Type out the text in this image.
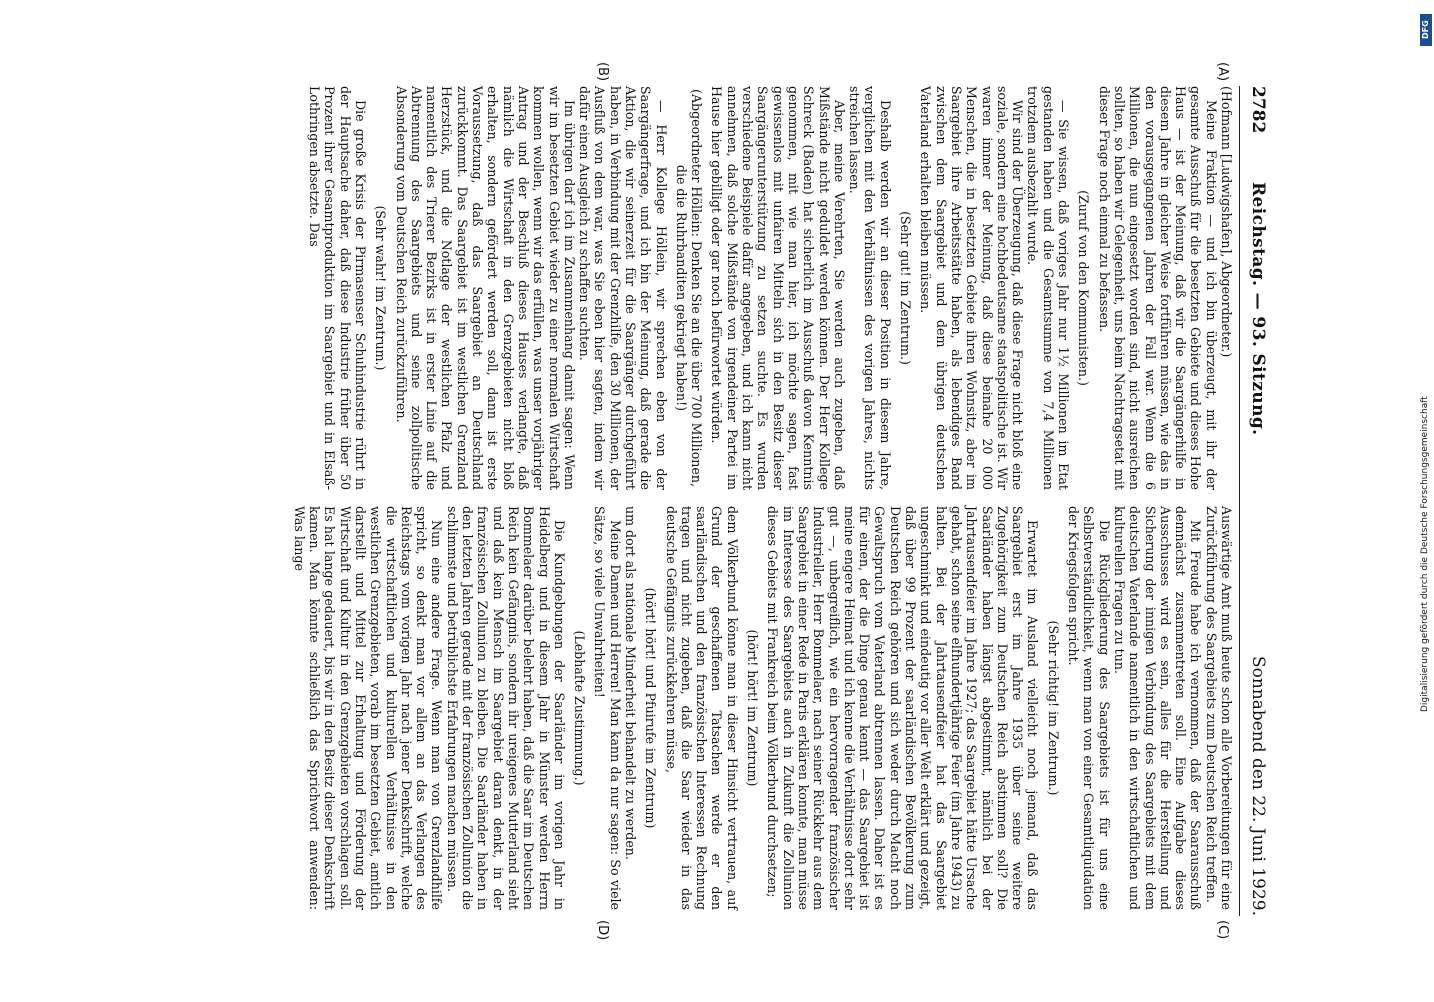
2782
Reichstag. — 93. Sitzung.
Sonnabend den 22. Juni 1929.
(A)
(B)
(C)
(D)

(Hofmann [Ludwigshafen], Abgeordneter.)

Meine Fraktion — und ich bin überzeugt, mit ihr der gesamte Ausschuß für die besetzten Gebiete und dieses Hohe Haus — ist der Meinung, daß wir die Saargängerhilfe in diesem Jahre in gleicher Weise fortführen müssen, wie das in den vorausgegangenen Jahren der Fall war. Wenn die 6 Millionen, die nun eingesetzt worden sind, nicht ausreichen sollten, so haben wir Gelegenheit, uns beim Nachtragsetat mit dieser Frage noch einmal zu befassen.

(Zuruf von den Kommunisten.)

— Sie wissen, daß voriges Jahr nur 1½ Millionen im Etat gestanden haben und die Gesamtsumme von 7,4 Millionen trotzdem ausbezahlt wurde.

Wir sind der Überzeugung, daß diese Frage nicht bloß eine soziale, sondern eine hochbedeutsame staatspolitische ist. Wir waren immer der Meinung, daß diese beinahe 20 000 Menschen, die in besetzten Gebiete ihren Wohnsitz, aber im Saargebiet ihre Arbeitsstätte haben, als lebendiges Band zwischen dem Saargebiet und dem übrigen deutschen Vaterland erhalten bleiben müssen.

(Sehr gut! im Zentrum.)

Deshalb werden wir an dieser Position in diesem Jahre, verglichen mit den Verhältnissen des vorigen Jahres, nichts streichen lassen.

Aber, meine Verehrten, Sie werden auch zugeben, daß Mißstände nicht geduldet werden können. Der Herr Kollege Schreck (Baden) hat sicherlich im Ausschuß davon Kenntnis genommen, mit wie man hier, ich möchte sagen, fast gewissenlos mit unfairen Mitteln sich in den Besitz dieser Saargängerunterstützung zu setzen suchte. Es wurden verschiedene Beispiele dafür angegeben, und ich kann nicht annehmen, daß solche Mißstände von irgendeiner Partei im Hause hier gebilligt oder gar noch befürwortet würden.

(Abgeordneter Höllein: Denken Sie an die über 700 Millionen, die die Ruhrbanditen gekriegt haben!)

— Herr Kollege Höllein, wir sprechen eben von der Saargängerfrage, und ich bin der Meinung, daß gerade die Aktion, die wir seinerzeit für die Saargänger durchgeführt haben, in Verbindung mit der Grenzhilfe, den 30 Millionen, der Ausfluß von dem war, was Sie eben hier sagten, indem wir dafür einen Ausgleich zu schaffen suchten.

Im übrigen darf ich im Zusammenhang damit sagen: Wenn wir im besetzten Gebiet wieder zu einer normalen Wirtschaft kommen wollen, wenn wir das erfüllen, was unser vorjähriger Antrag und der Beschluß dieses Hauses verlangte, daß nämlich die Wirtschaft in den Grenzgebieten nicht bloß erhalten, sondern gefördert werden soll, dann ist erste Voraussetzung, daß das Saargebiet an Deutschland zurückkommt. Das Saargebiet ist im westlichen Grenzland Herzstück, und die Notlage der westlichen Pfalz und namentlich des Trierer Bezirks ist in erster Linie auf die Abtrennung des Saargebiets und seine zollpolitische Absonderung vom Deutschen Reich zurückzuführen.

(Sehr wahr! im Zentrum.)

Die große Krisis der Pirmasenser Schuhindustrie rührt in der Hauptsache daher, daß diese Industrie früher über 50 Prozent ihrer Gesamtproduktion im Saargebiet und in Elsaß-Lothringen absetzte. Das

Auswärtige Amt muß heute schon alle Vorbereitungen für eine Zurückführung des Saargebiets zum Deutschen Reich treffen.

Mit Freude habe ich vernommen, daß der Saarausschuß demnächst zusammentreten soll. Eine Aufgabe dieses Ausschusses wird es sein, alles für die Herstellung und Sicherung der innigen Verbindung des Saargebiets mit dem deutschen Vaterlande namentlich in den wirtschaftlichen und kulturellen Fragen zu tun.

Die Rückgliederung des Saargebiets ist für uns eine Selbstverständlichkeit, wenn man von einer Gesamtliquidation der Kriegsfolgen spricht.

(Sehr richtig! im Zentrum.)

Erwartet im Ausland vielleicht noch jemand, daß das Saargebiet erst im Jahre 1935 über seine weitere Zugehörigkeit zum Deutschen Reich abstimmen soll? Die Saarländer haben längst abgestimmt, nämlich bei der Jahrtausendfeier im Jahre 1927; das Saargebiet hätte Ursache gehabt, schon seine elfhundertjährige Feier (im Jahre 1943) zu halten. Bei der Jahrtausendfeier hat das Saargebiet ungeschminkt und eindeutig vor aller Welt erklärt und gezeigt, daß über 99 Prozent der saarländischen Bevölkerung zum Deutschen Reich gehören und sich weder durch Macht noch Gewaltspruch vom Vaterland abtrennen lassen. Daher ist es für einen, der die Dinge genau kennt — das Saargebiet ist meine engere Heimat und ich kenne die Verhältnisse dort sehr gut —, unbegreiflich, wie ein hervorragender französischer Industrieller, Herr Bommelaer, nach seiner Rückkehr aus dem Saargebiet in einer Rede in Paris erklären konnte, man müsse im Interesse des Saargebiets auch in Zukunft die Zollunion dieses Gebiets mit Frankreich beim Völkerbund durchsetzen;

(hört! hört! im Zentrum)

dem Völkerbund könne man in dieser Hinsicht vertrauen, auf Grund der geschaffenen Tatsachen werde er den saarländischen und den französischen Interessen Rechnung tragen und nicht zugeben, daß die Saar wieder in das deutsche Gefängnis zurückkehren müsse,

(hört! hört! und Pfuirufe im Zentrum)

um dort als nationale Minderheit behandelt zu werden.

Meine Damen und Herren! Man kann da nur sagen: So viele Sätze, so viele Unwahrheiten!

(Lebhafte Zustimmung.)

Die Kundgebungen der Saarländer im vorigen Jahr in Heidelberg und in diesem Jahr in Münster werden Herrn Bommelaer darüber belehrt haben, daß die Saar im Deutschen Reich kein Gefängnis, sondern ihr ureigenes Mutterland sieht und daß kein Mensch im Saargebiet daran denkt, in der französischen Zollunion zu bleiben. Die Saarländer haben in den letzten Jahren gerade mit der französischen Zollunion die schlimmste und betrüblichste Erfahrungen machen müssen.

Nun eine andere Frage. Wenn man von Grenzlandhilfe spricht, so denkt man vor allem an das Verlangen des Reichstags vom vorigen Jahr nach jener Denkschrift, welche die wirtschaftlichen und kulturellen Verhältnisse in den westlichen Grenzgebieten, vorab im besetzten Gebiet, amtlich darstellt und Mittel zur Erhaltung und Förderung der Wirtschaft und Kultur in den Grenzgebieten vorschlagen soll. Es hat lange gedauert, bis wir in den Besitz dieser Denkschrift kamen. Man könnte schließlich das Sprichwort anwenden: Was lange

DFG
Digitalisierung gefördert durch die Deutsche Forschungsgemeinschaft
